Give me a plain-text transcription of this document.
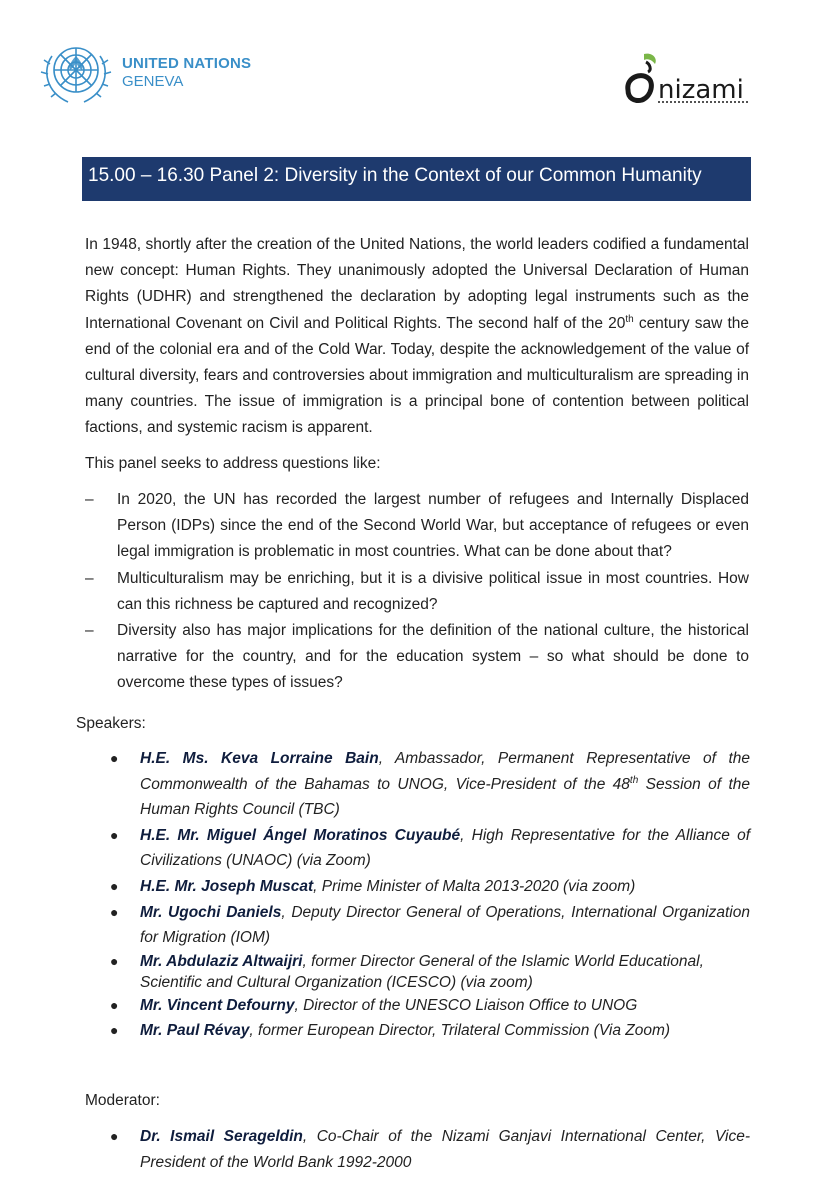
UNITED NATIONS
GENEVA	nizami
15.00 – 16.30 Panel 2: Diversity in the Context of our Common Humanity
In 1948, shortly after the creation of the United Nations, the world leaders codified a fundamental new concept: Human Rights. They unanimously adopted the Universal Declaration of Human Rights (UDHR) and strengthened the declaration by adopting legal instruments such as the International Covenant on Civil and Political Rights. The second half of the 20th century saw the end of the colonial era and of the Cold War. Today, despite the acknowledgement of the value of cultural diversity, fears and controversies about immigration and multiculturalism are spreading in many countries. The issue of immigration is a principal bone of contention between political factions, and systemic racism is apparent.
This panel seeks to address questions like:
– In 2020, the UN has recorded the largest number of refugees and Internally Displaced Person (IDPs) since the end of the Second World War, but acceptance of refugees or even legal immigration is problematic in most countries. What can be done about that?
– Multiculturalism may be enriching, but it is a divisive political issue in most countries. How can this richness be captured and recognized?
– Diversity also has major implications for the definition of the national culture, the historical narrative for the country, and for the education system – so what should be done to overcome these types of issues?
Speakers:
● H.E. Ms. Keva Lorraine Bain, Ambassador, Permanent Representative of the Commonwealth of the Bahamas to UNOG, Vice-President of the 48th Session of the Human Rights Council (TBC)
● H.E. Mr. Miguel Ángel Moratinos Cuyaubé, High Representative for the Alliance of Civilizations (UNAOC) (via Zoom)
● H.E. Mr. Joseph Muscat, Prime Minister of Malta 2013-2020 (via zoom)
● Mr. Ugochi Daniels, Deputy Director General of Operations, International Organization for Migration (IOM)
● Mr. Abdulaziz Altwaijri, former Director General of the Islamic World Educational, Scientific and Cultural Organization (ICESCO) (via zoom)
● Mr. Vincent Defourny, Director of the UNESCO Liaison Office to UNOG
● Mr. Paul Révay, former European Director, Trilateral Commission (Via Zoom)
Moderator:
● Dr. Ismail Serageldin, Co-Chair of the Nizami Ganjavi International Center, Vice-President of the World Bank 1992-2000
